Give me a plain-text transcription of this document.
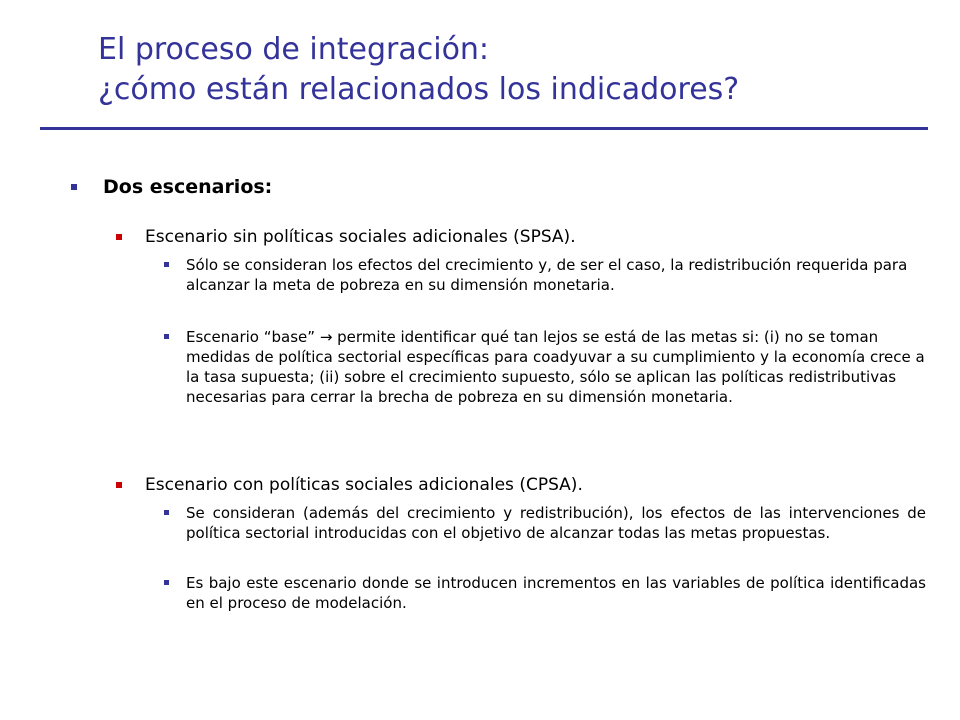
El proceso de integración:
¿cómo están relacionados los indicadores?
Dos escenarios:
Escenario sin políticas sociales adicionales (SPSA).
Sólo se consideran los efectos del crecimiento y, de ser el caso, la redistribución requerida para alcanzar la meta de pobreza en su dimensión monetaria.
Escenario “base” → permite identificar qué tan lejos se está de las metas si: (i) no se toman medidas de política sectorial específicas para coadyuvar a su cumplimiento y la economía crece a la tasa supuesta; (ii) sobre el crecimiento supuesto, sólo se aplican las políticas redistributivas necesarias para cerrar la brecha de pobreza en su dimensión monetaria.
Escenario con políticas sociales adicionales (CPSA).
Se consideran (además del crecimiento y redistribución), los efectos de las intervenciones de política sectorial introducidas con el objetivo de alcanzar todas las metas propuestas.
Es bajo este escenario donde se introducen incrementos en las variables de política identificadas en el proceso de modelación.
